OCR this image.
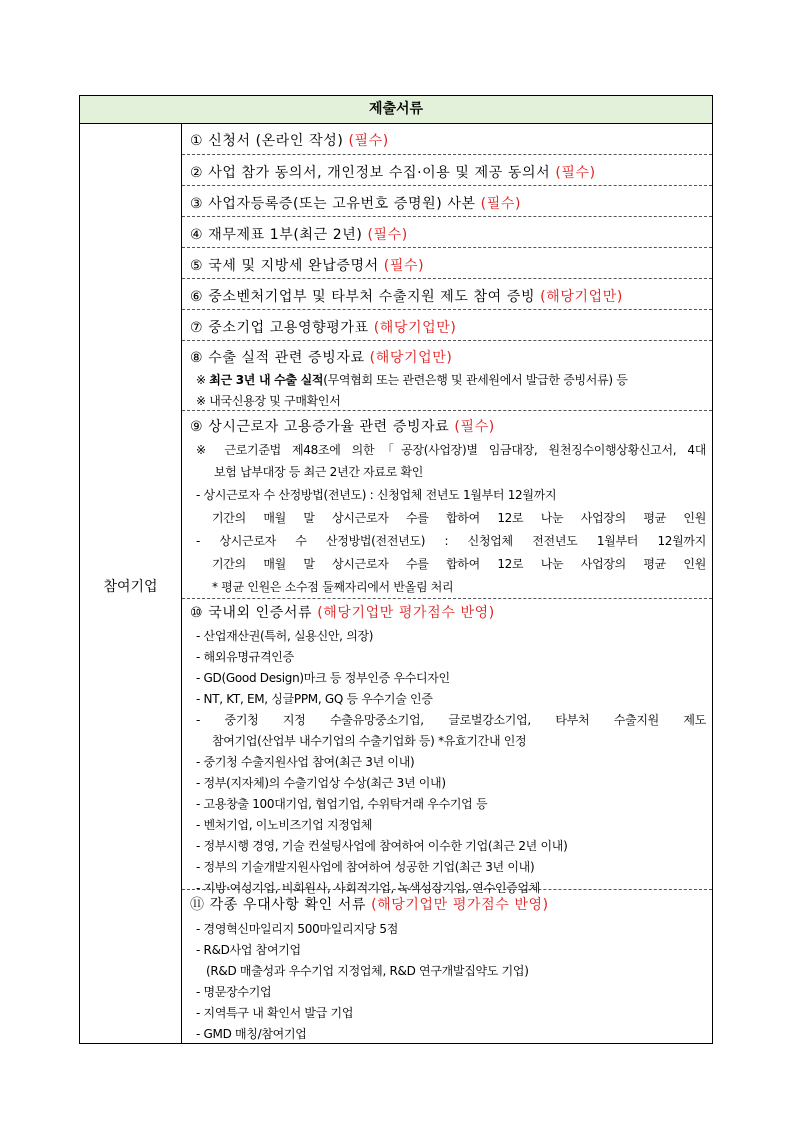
제출서류
참여기업
① 신청서 (온라인 작성) (필수)
② 사업 참가 동의서, 개인정보 수집·이용 및 제공 동의서 (필수)
③ 사업자등록증(또는 고유번호 증명원) 사본 (필수)
④ 재무제표 1부(최근 2년) (필수)
⑤ 국세 및 지방세 완납증명서 (필수)
⑥ 중소벤처기업부 및 타부처 수출지원 제도 참여 증빙 (해당기업만)
⑦ 중소기업 고용영향평가표 (해당기업만)
⑧ 수출 실적 관련 증빙자료 (해당기업만)
※ 최근 3년 내 수출 실적(무역협회 또는 관련은행 및 관세원에서 발급한 증빙서류) 등
※ 내국신용장 및 구매확인서
⑨ 상시근로자 고용증가율 관련 증빙자료 (필수)
※ 근로기준법 제48조에 의한「공장(사업장)별 임금대장, 원천징수이행상황신고서, 4대
보험 납부대장 등 최근 2년간 자료로 확인
- 상시근로자 수 산정방법(전년도) : 신청업체 전년도 1월부터 12월까지
기간의 매월 말 상시근로자 수를 합하여 12로 나눈 사업장의 평균 인원
- 상시근로자 수 산정방법(전전년도) : 신청업체 전전년도 1월부터 12월까지
기간의 매월 말 상시근로자 수를 합하여 12로 나눈 사업장의 평균 인원
* 평균 인원은 소수점 둘째자리에서 반올림 처리
⑩ 국내외 인증서류 (해당기업만 평가점수 반영)
- 산업재산권(특허, 실용신안, 의장)
- 해외유명규격인증
- GD(Good Design)마크 등 정부인증 우수디자인
- NT, KT, EM, 싱글PPM, GQ 등 우수기술 인증
- 중기청 지정 수출유망중소기업, 글로벌강소기업, 타부처 수출지원 제도
참여기업(산업부 내수기업의 수출기업화 등) *유효기간내 인정
- 중기청 수출지원사업 참여(최근 3년 이내)
- 정부(지자체)의 수출기업상 수상(최근 3년 이내)
- 고용창출 100대기업, 협업기업, 수위탁거래 우수기업 등
- 벤처기업, 이노비즈기업 지정업체
- 정부시행 경영, 기술 컨설팅사업에 참여하여 이수한 기업(최근 2년 이내)
- 정부의 기술개발지원사업에 참여하여 성공한 기업(최근 3년 이내)
- 지방·여성기업, 비회원사, 사회적기업, 녹색성장기업, 연수인증업체
⑪ 각종 우대사항 확인 서류 (해당기업만 평가점수 반영)
- 경영혁신마일리지 500마일리지당 5점
- R&D사업 참여기업
(R&D 매출성과 우수기업 지정업체, R&D 연구개발집약도 기업)
- 명문장수기업
- 지역특구 내 확인서 발급 기업
- GMD 매칭/참여기업
